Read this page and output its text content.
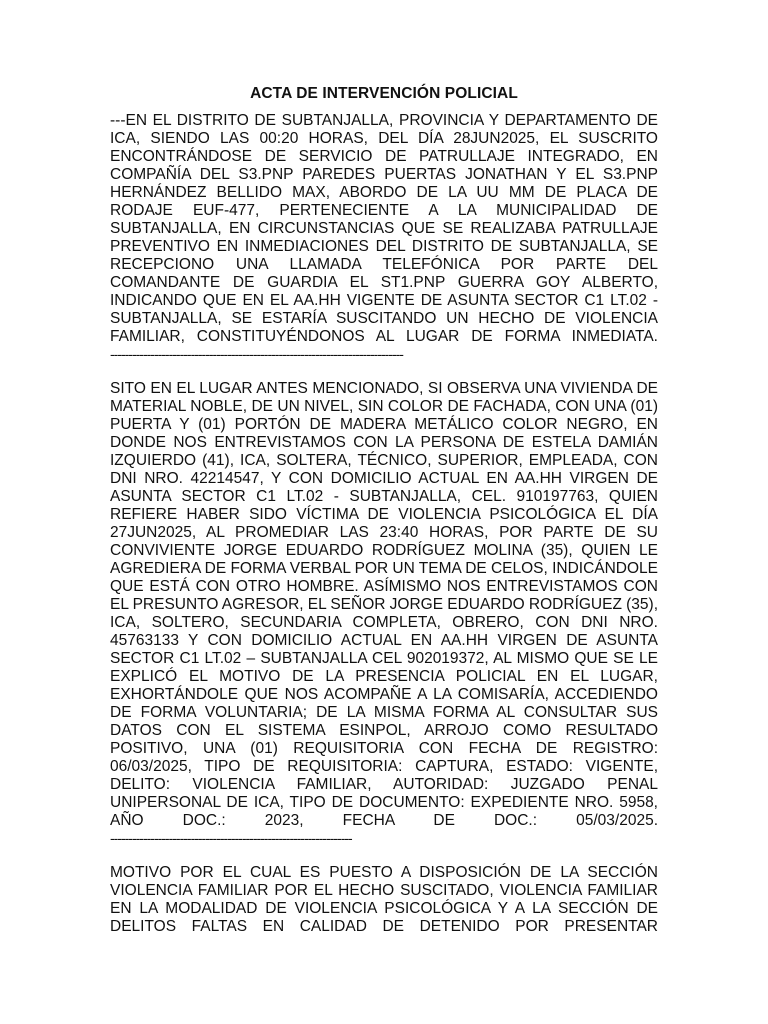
ACTA DE INTERVENCIÓN POLICIAL

---EN EL DISTRITO DE SUBTANJALLA, PROVINCIA Y DEPARTAMENTO DE ICA, SIENDO LAS 00:20 HORAS, DEL DÍA 28JUN2025, EL SUSCRITO ENCONTRÁNDOSE DE SERVICIO DE PATRULLAJE INTEGRADO, EN COMPAÑÍA DEL S3.PNP PAREDES PUERTAS JONATHAN Y EL S3.PNP HERNÁNDEZ BELLIDO MAX, ABORDO DE LA UU MM DE PLACA DE RODAJE EUF-477, PERTENECIENTE A LA MUNICIPALIDAD DE SUBTANJALLA, EN CIRCUNSTANCIAS QUE SE REALIZABA PATRULLAJE PREVENTIVO EN INMEDIACIONES DEL DISTRITO DE SUBTANJALLA, SE RECEPCIONO UNA LLAMADA TELEFÓNICA POR PARTE DEL COMANDANTE DE GUARDIA EL ST1.PNP GUERRA GOY ALBERTO, INDICANDO QUE EN EL AA.HH VIGENTE DE ASUNTA SECTOR C1 LT.02 - SUBTANJALLA, SE ESTARÍA SUSCITANDO UN HECHO DE VIOLENCIA FAMILIAR, CONSTITUYÉNDONOS AL LUGAR DE FORMA INMEDIATA.

--------------------------------------------------------------------------------

SITO EN EL LUGAR ANTES MENCIONADO, SI OBSERVA UNA VIVIENDA DE MATERIAL NOBLE, DE UN NIVEL, SIN COLOR DE FACHADA, CON UNA (01) PUERTA Y (01) PORTÓN DE MADERA METÁLICO COLOR NEGRO, EN DONDE NOS ENTREVISTAMOS CON LA PERSONA DE ESTELA DAMIÁN IZQUIERDO (41), ICA, SOLTERA, TÉCNICO, SUPERIOR, EMPLEADA, CON DNI NRO. 42214547, Y CON DOMICILIO ACTUAL EN AA.HH VIRGEN DE ASUNTA SECTOR C1 LT.02 - SUBTANJALLA, CEL. 910197763, QUIEN REFIERE HABER SIDO VÍCTIMA DE VIOLENCIA PSICOLÓGICA EL DÍA 27JUN2025, AL PROMEDIAR LAS 23:40 HORAS, POR PARTE DE SU CONVIVIENTE JORGE EDUARDO RODRÍGUEZ MOLINA (35), QUIEN LE AGREDIERA DE FORMA VERBAL POR UN TEMA DE CELOS, INDICÁNDOLE QUE ESTÁ CON OTRO HOMBRE. ASÍMISMO NOS ENTREVISTAMOS CON EL PRESUNTO AGRESOR, EL SEÑOR JORGE EDUARDO RODRÍGUEZ (35), ICA, SOLTERO, SECUNDARIA COMPLETA, OBRERO, CON DNI NRO. 45763133 Y CON DOMICILIO ACTUAL EN AA.HH VIRGEN DE ASUNTA SECTOR C1 LT.02 – SUBTANJALLA CEL 902019372, AL MISMO QUE SE LE EXPLICÓ EL MOTIVO DE LA PRESENCIA POLICIAL EN EL LUGAR, EXHORTÁNDOLE QUE NOS ACOMPAÑE A LA COMISARÍA, ACCEDIENDO DE FORMA VOLUNTARIA; DE LA MISMA FORMA AL CONSULTAR SUS DATOS CON EL SISTEMA ESINPOL, ARROJO COMO RESULTADO POSITIVO, UNA (01) REQUISITORIA CON FECHA DE REGISTRO: 06/03/2025, TIPO DE REQUISITORIA: CAPTURA, ESTADO: VIGENTE, DELITO: VIOLENCIA FAMILIAR, AUTORIDAD: JUZGADO PENAL UNIPERSONAL DE ICA, TIPO DE DOCUMENTO: EXPEDIENTE NRO. 5958, AÑO DOC.: 2023, FECHA DE DOC.: 05/03/2025.

------------------------------------------------------------------

MOTIVO POR EL CUAL ES PUESTO A DISPOSICIÓN DE LA SECCIÓN VIOLENCIA FAMILIAR POR EL HECHO SUSCITADO, VIOLENCIA FAMILIAR EN LA MODALIDAD DE VIOLENCIA PSICOLÓGICA Y A LA SECCIÓN DE DELITOS FALTAS EN CALIDAD DE DETENIDO POR PRESENTAR
